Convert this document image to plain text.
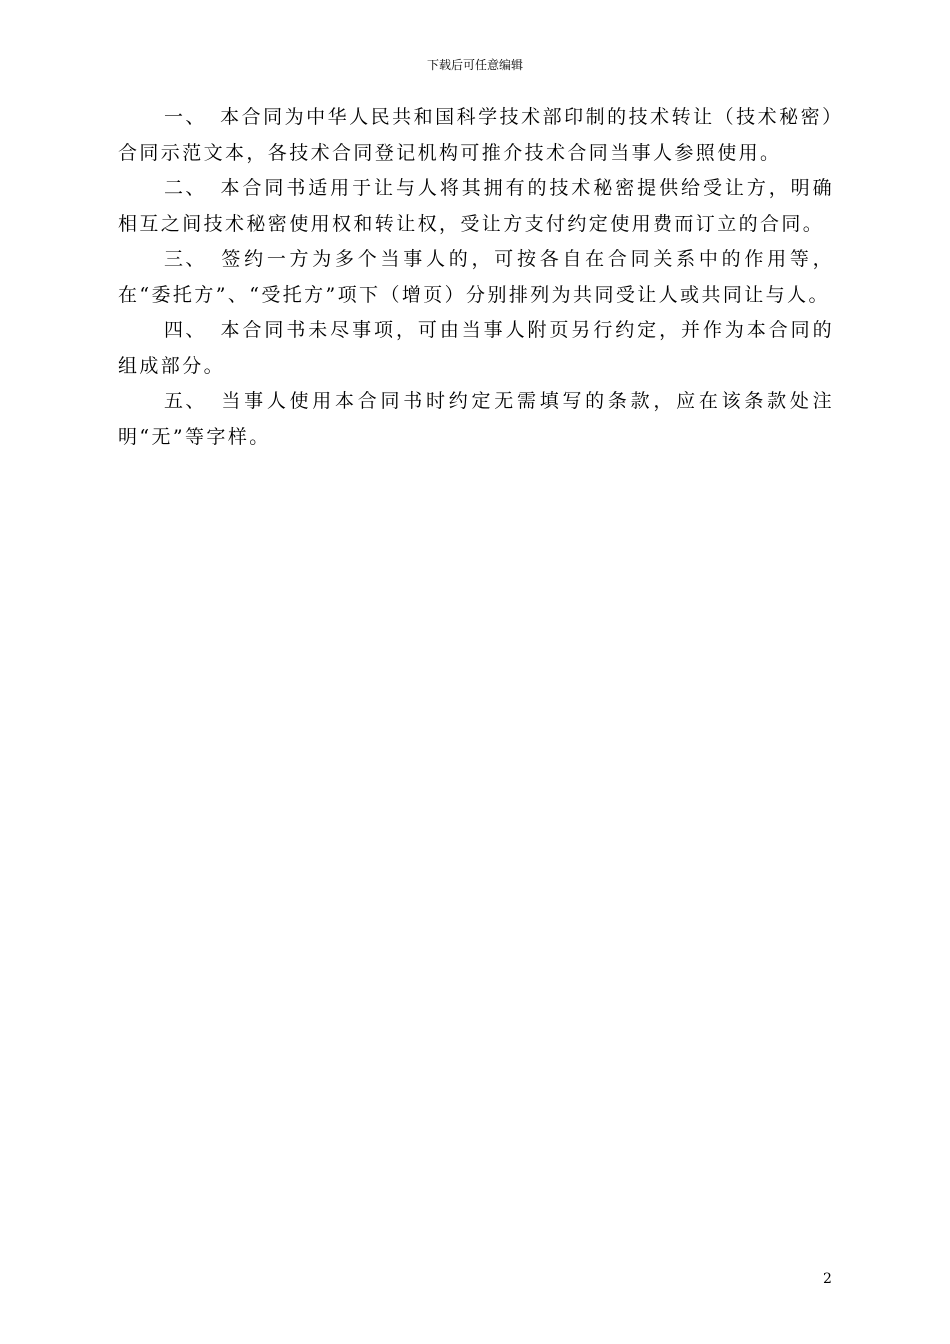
下载后可任意编辑

一、 本合同为中华人民共和国科学技术部印制的技术转让（技术秘密）合同示范文本，各技术合同登记机构可推介技术合同当事人参照使用。

二、 本合同书适用于让与人将其拥有的技术秘密提供给受让方，明确相互之间技术秘密使用权和转让权，受让方支付约定使用费而订立的合同。

三、 签约一方为多个当事人的，可按各自在合同关系中的作用等，在“委托方”、“受托方”项下（增页）分别排列为共同受让人或共同让与人。

四、 本合同书未尽事项，可由当事人附页另行约定，并作为本合同的组成部分。

五、 当事人使用本合同书时约定无需填写的条款，应在该条款处注明“无”等字样。

2
